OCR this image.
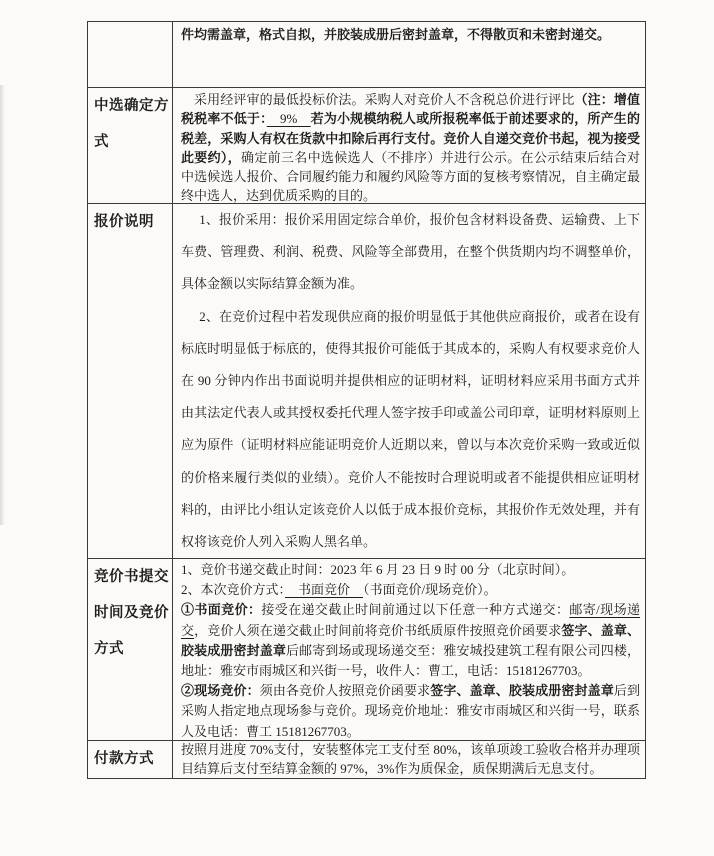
件均需盖章，格式自拟，并胶装成册后密封盖章，不得散页和未密封递交。

中选确定方式

采用经评审的最低投标价法。采购人对竞价人不含税总价进行评比（注：增值税税率不低于：　9%　若为小规模纳税人或所报税率低于前述要求的，所产生的税差，采购人有权在货款中扣除后再行支付。竞价人自递交竞价书起，视为接受此要约），确定前三名中选候选人（不排序）并进行公示。在公示结束后结合对中选候选人报价、合同履约能力和履约风险等方面的复核考察情况，自主确定最终中选人，达到优质采购的目的。

报价说明	1、报价采用：报价采用固定综合单价，报价包含材料设备费、运输费、上下车费、管理费、利润、税费、风险等全部费用，在整个供货期内均不调整单价，具体金额以实际结算金额为准。

2、在竞价过程中若发现供应商的报价明显低于其他供应商报价，或者在设有标底时明显低于标底的，使得其报价可能低于其成本的，采购人有权要求竞价人在 90 分钟内作出书面说明并提供相应的证明材料，证明材料应采用书面方式并由其法定代表人或其授权委托代理人签字按手印或盖公司印章，证明材料原则上应为原件（证明材料应能证明竞价人近期以来，曾以与本次竞价采购一致或近似的价格来履行类似的业绩）。竞价人不能按时合理说明或者不能提供相应证明材料的，由评比小组认定该竞价人以低于成本报价竞标，其报价作无效处理，并有权将该竞价人列入采购人黑名单。

竞价书提交时间及竞价方式

1、竞价书递交截止时间：2023 年 6 月 23 日 9 时 00 分（北京时间）。

2、本次竞价方式：　书面竞价　（书面竞价/现场竞价）。

①书面竞价：接受在递交截止时间前通过以下任意一种方式递交：邮寄/现场递交，竞价人须在递交截止时间前将竞价书纸质原件按照竞价函要求签字、盖章、胶装成册密封盖章后邮寄到场或现场递交至：雅安城投建筑工程有限公司四楼，地址：雅安市雨城区和兴街一号，收件人：曹工，电话：15181267703。

②现场竞价：须由各竞价人按照竞价函要求签字、盖章、胶装成册密封盖章后到采购人指定地点现场参与竞价。现场竞价地址：雅安市雨城区和兴街一号，联系人及电话：曹工 15181267703。

付款方式

按照月进度 70%支付，安装整体完工支付至 80%，该单项竣工验收合格并办理项目结算后支付至结算金额的 97%，3%作为质保金，质保期满后无息支付。
